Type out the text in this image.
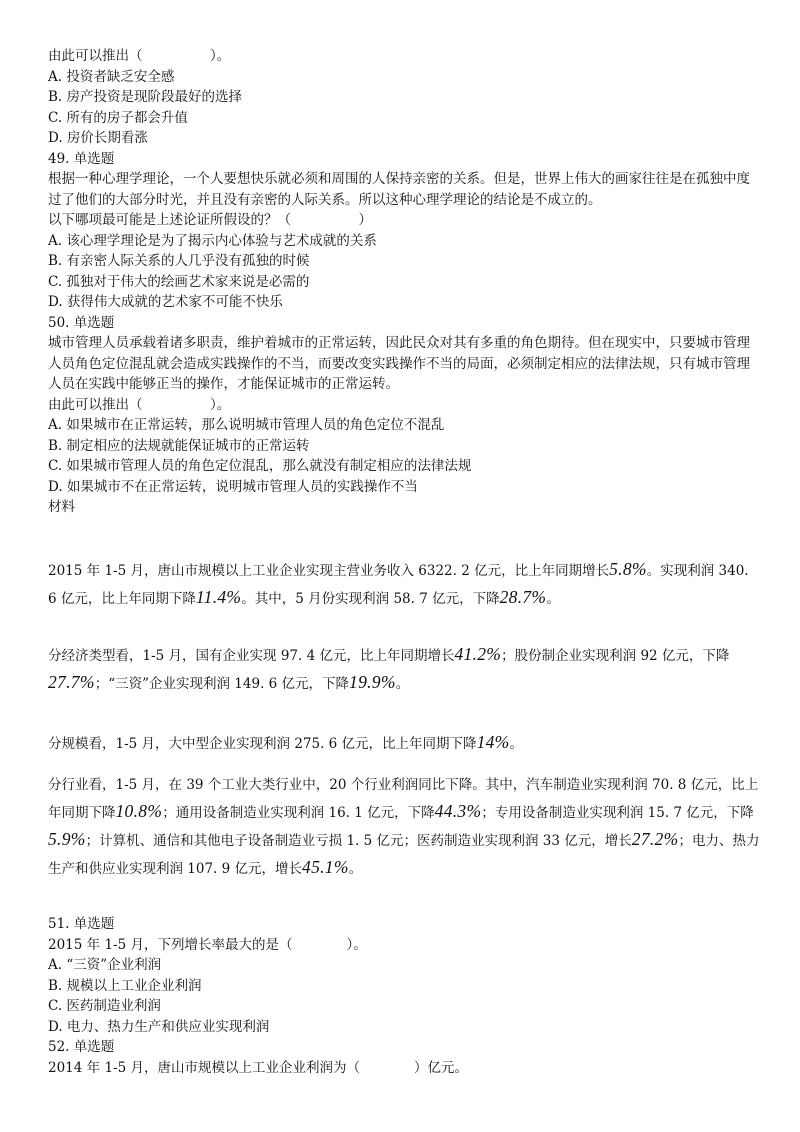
由此可以推出（　　　　　）。
A. 投资者缺乏安全感
B. 房产投资是现阶段最好的选择
C. 所有的房子都会升值
D. 房价长期看涨
49. 单选题
根据一种心理学理论，一个人要想快乐就必须和周围的人保持亲密的关系。但是，世界上伟大的画家往往是在孤独中度过了他们的大部分时光，并且没有亲密的人际关系。所以这种心理学理论的结论是不成立的。
以下哪项最可能是上述论证所假设的？（　　　　　）
A. 该心理学理论是为了揭示内心体验与艺术成就的关系
B. 有亲密人际关系的人几乎没有孤独的时候
C. 孤独对于伟大的绘画艺术家来说是必需的
D. 获得伟大成就的艺术家不可能不快乐
50. 单选题
城市管理人员承载着诸多职责，维护着城市的正常运转，因此民众对其有多重的角色期待。但在现实中，只要城市管理人员角色定位混乱就会造成实践操作的不当，而要改变实践操作不当的局面，必须制定相应的法律法规，只有城市管理人员在实践中能够正当的操作，才能保证城市的正常运转。
由此可以推出（　　　　　）。
A. 如果城市在正常运转，那么说明城市管理人员的角色定位不混乱
B. 制定相应的法规就能保证城市的正常运转
C. 如果城市管理人员的角色定位混乱，那么就没有制定相应的法律法规
D. 如果城市不在正常运转，说明城市管理人员的实践操作不当
材料
2015 年 1-5 月，唐山市规模以上工业企业实现主营业务收入 6322. 2 亿元，比上年同期增长5.8%。实现利润 340. 6 亿元，比上年同期下降11.4%。其中，5 月份实现利润 58. 7 亿元，下降28.7%。
分经济类型看，1-5 月，国有企业实现 97. 4 亿元，比上年同期增长41.2%；股份制企业实现利润 92 亿元，下降27.7%；“三资”企业实现利润 149. 6 亿元，下降19.9%。
分规模看，1-5 月，大中型企业实现利润 275. 6 亿元，比上年同期下降14%。
分行业看，1-5 月，在 39 个工业大类行业中，20 个行业利润同比下降。其中，汽车制造业实现利润 70. 8 亿元，比上年同期下降10.8%；通用设备制造业实现利润 16. 1 亿元，下降44.3%；专用设备制造业实现利润 15. 7 亿元，下降5.9%；计算机、通信和其他电子设备制造业亏损 1. 5 亿元；医药制造业实现利润 33 亿元，增长27.2%；电力、热力生产和供应业实现利润 107. 9 亿元，增长45.1%。
51. 单选题
2015 年 1-5 月，下列增长率最大的是（　　　　）。
A. “三资”企业利润
B. 规模以上工业企业利润
C. 医药制造业利润
D. 电力、热力生产和供应业实现利润
52. 单选题
2014 年 1-5 月，唐山市规模以上工业企业利润为（　　　　）亿元。
